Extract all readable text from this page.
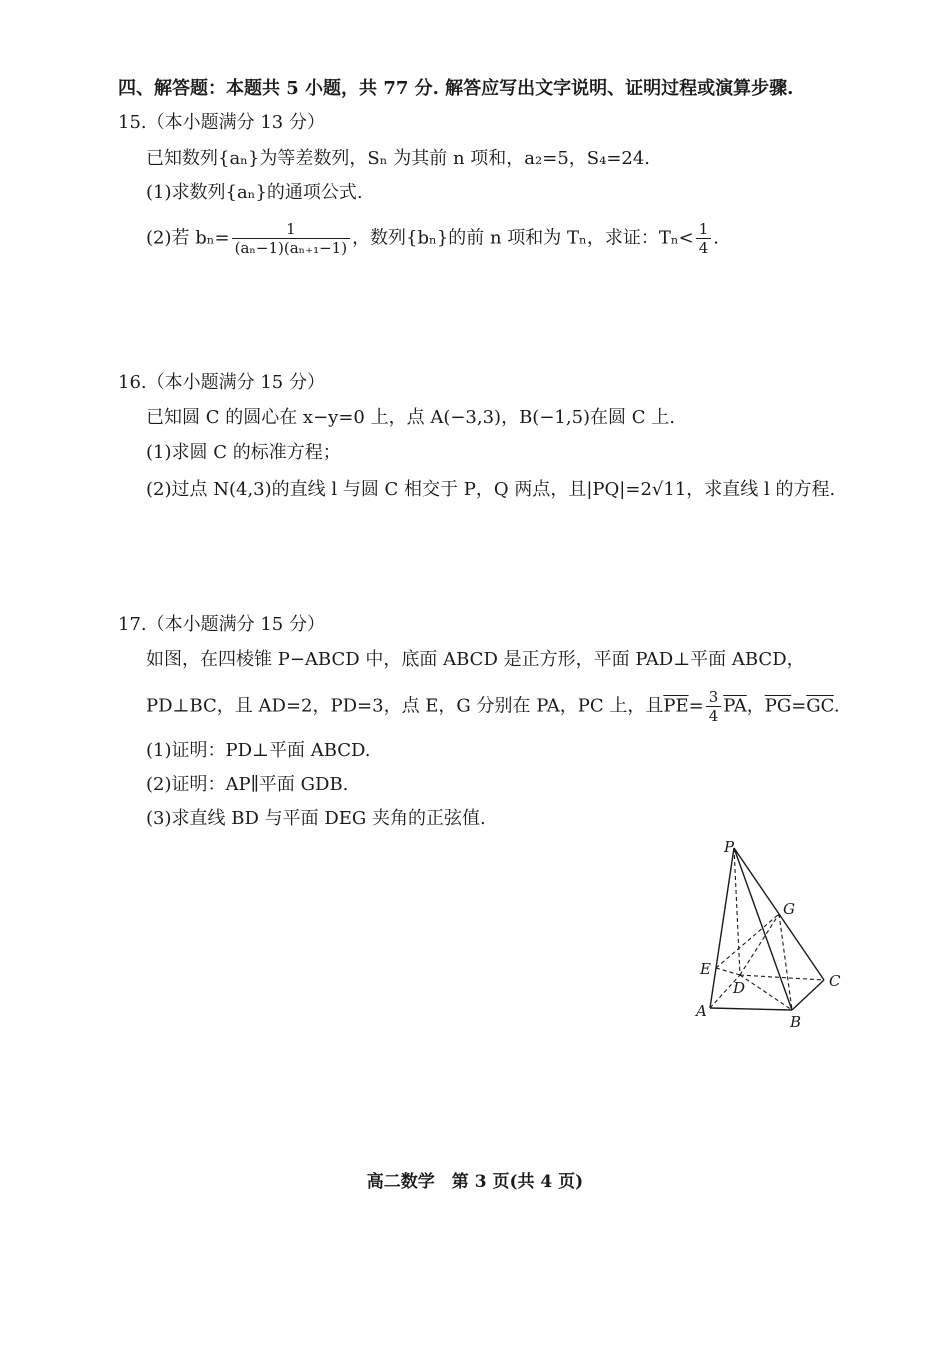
四、解答题：本题共 5 小题，共 77 分. 解答应写出文字说明、证明过程或演算步骤.
15.（本小题满分 13 分）
已知数列{aₙ}为等差数列，Sₙ 为其前 n 项和，a₂=5，S₄=24.
(1)求数列{aₙ}的通项公式.
(2)若 $b_n= \frac{1}{\text{(aₙ−1)(aₙ₊₁−1)}}$ ，数列{bₙ}的前 n 项和为 Tₙ，求证：$T_n< \frac{1}{4}$ .
16.（本小题满分 15 分）
已知圆 C 的圆心在 x−y=0 上，点 A(−3,3)，B(−1,5)在圆 C 上.
(1)求圆 C 的标准方程；
(2)过点 N(4,3)的直线 l 与圆 C 相交于 P，Q 两点，且|PQ|=2√11，求直线 l 的方程.
17.（本小题满分 15 分）
如图，在四棱锥 P−ABCD 中，底面 ABCD 是正方形，平面 PAD⊥平面 ABCD，
PD⊥BC，且 AD=2，PD=3，点 E，G 分别在 PA，PC 上，且$\overline{PE}= \frac{3}{4} \overline{PA}$，$\overline{PG}=\overline{GC}$.
(1)证明：PD⊥平面 ABCD.
(2)证明：AP∥平面 GDB.
(3)求直线 BD 与平面 DEG 夹角的正弦值.
P
G
E
D	C
A
B
高二数学　第 3 页(共 4 页)
